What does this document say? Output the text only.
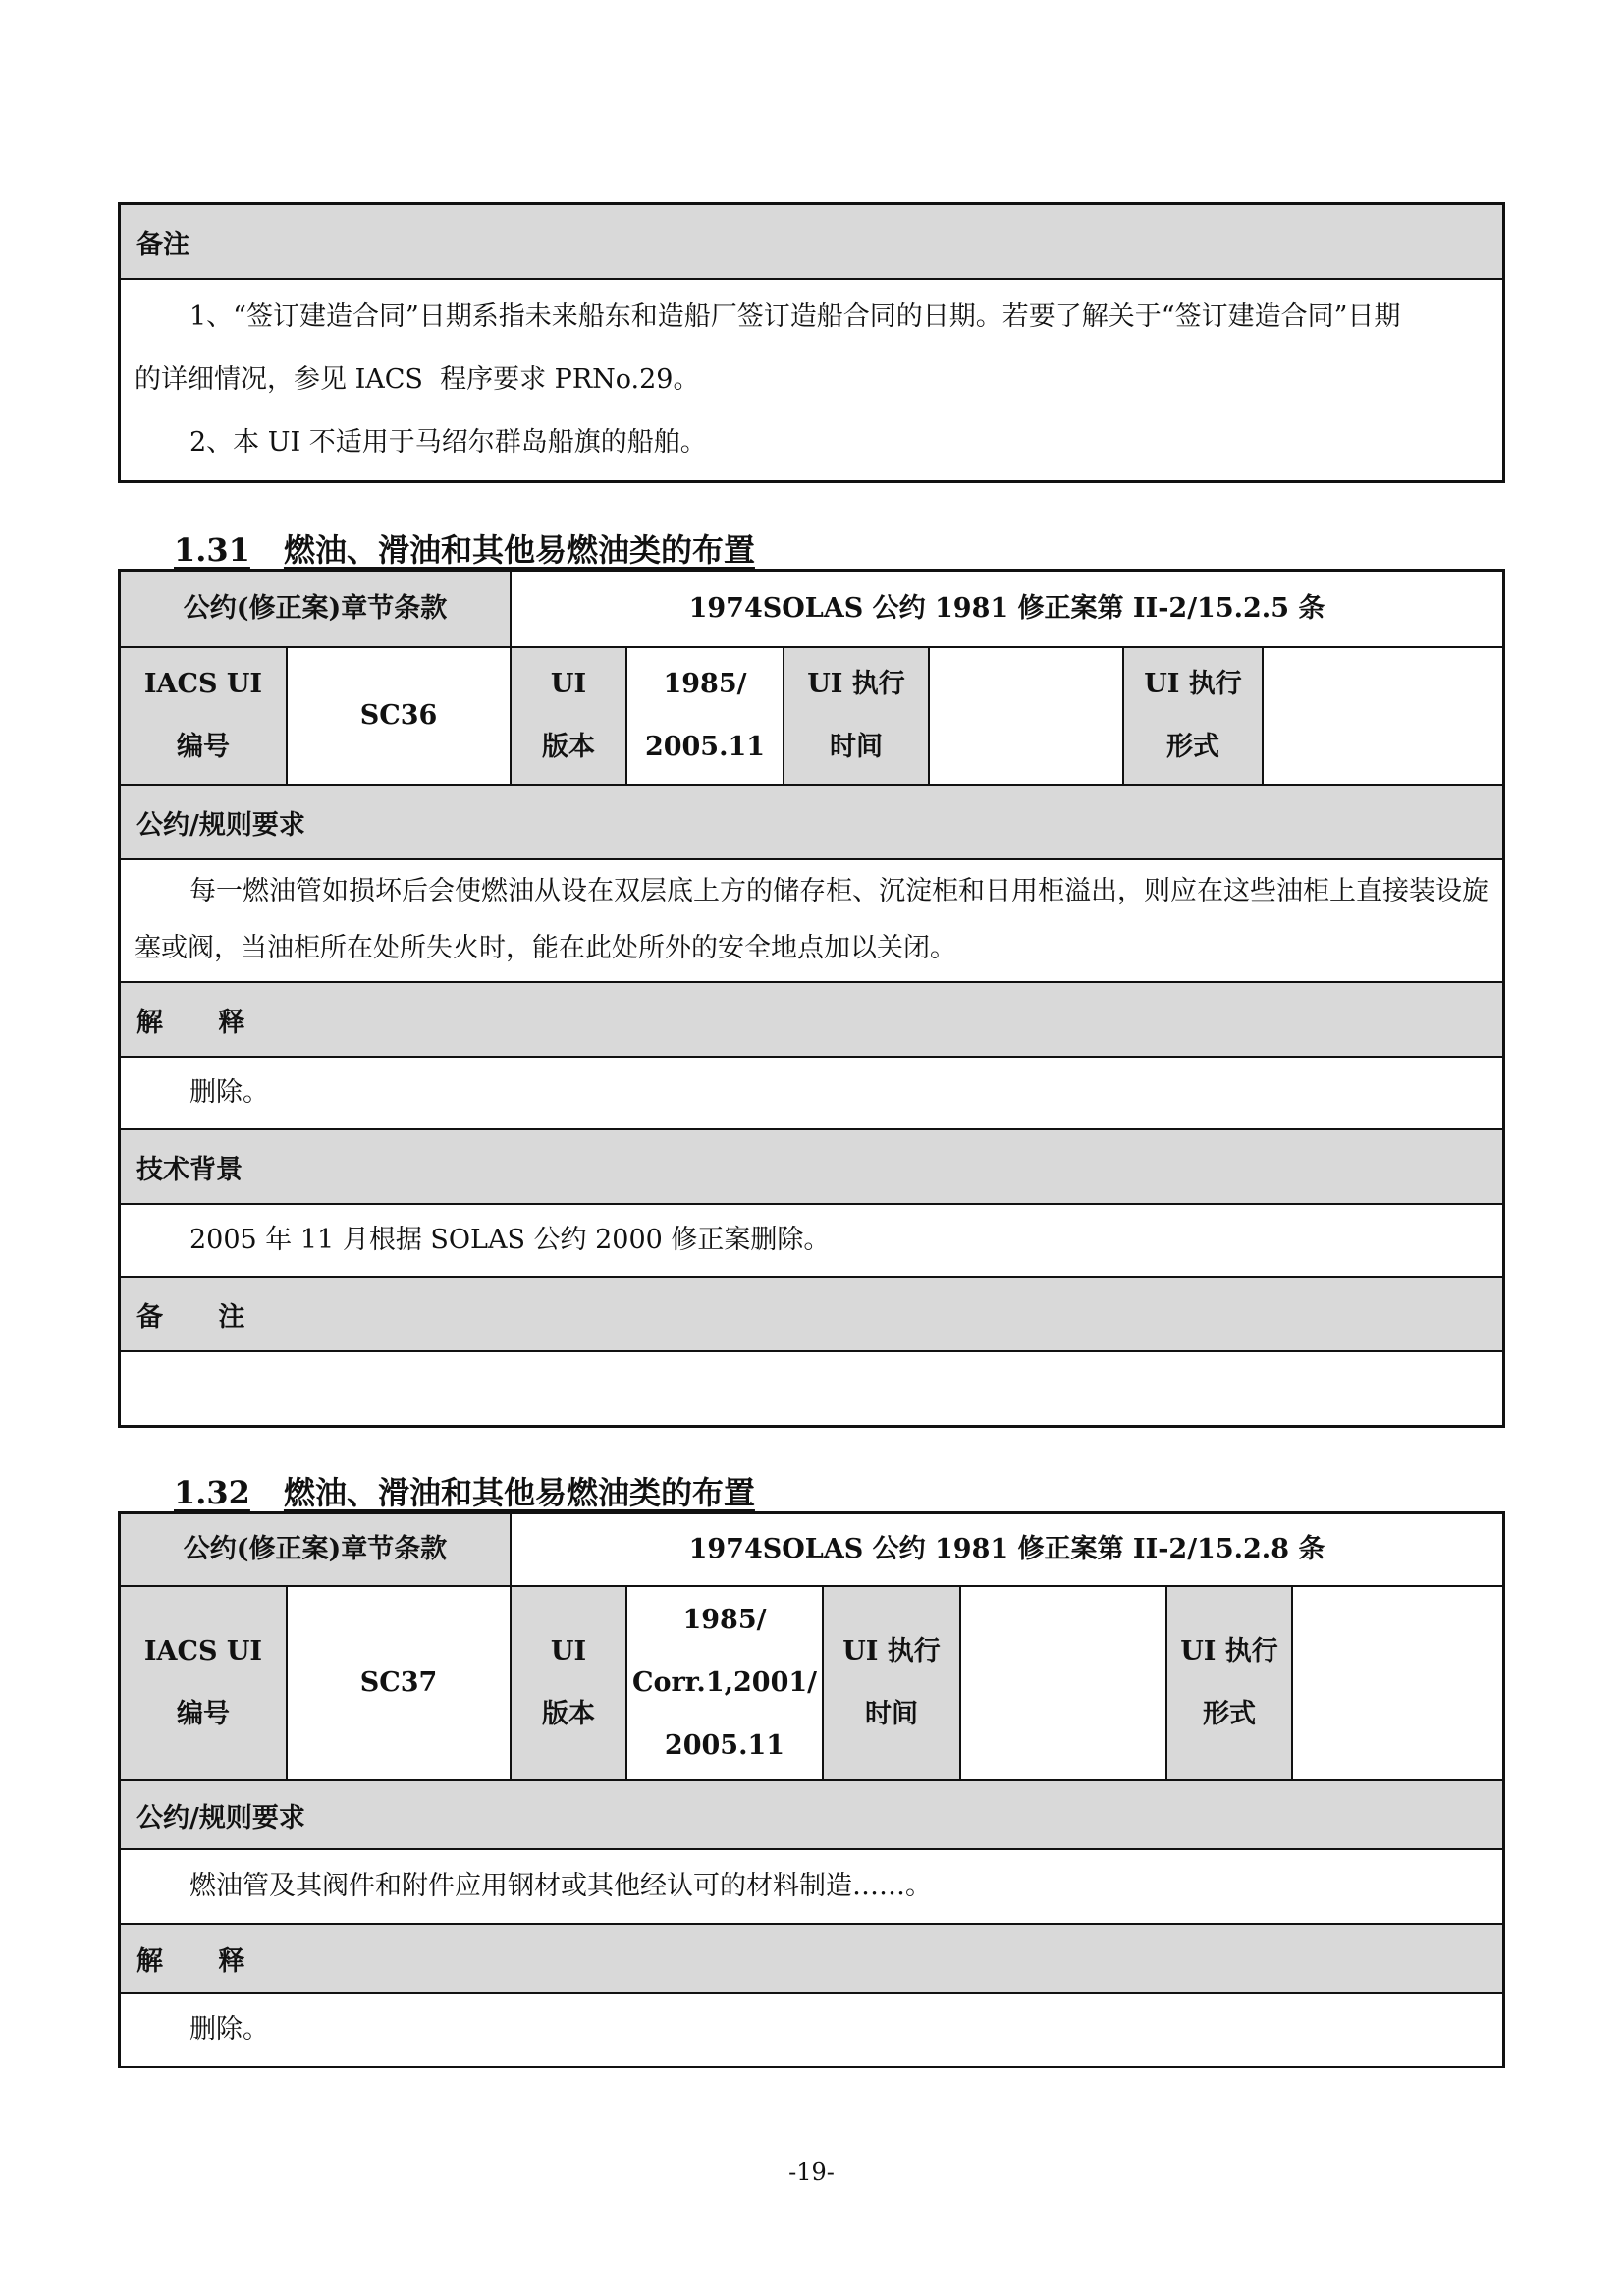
备注
1、“签订建造合同”日期系指未来船东和造船厂签订造船合同的日期。若要了解关于“签订建造合同”日期
的详细情况，参见 IACS  程序要求 PRNo.29。
2、本 UI 不适用于马绍尔群岛船旗的船舶。
1.31 燃油、滑油和其他易燃油类的布置
公约(修正案)章节条款	1974SOLAS 公约 1981 修正案第 II-2/15.2.5 条
IACS UI
编号
SC36
UI
版本
1985/
2005.11
UI 执行
时间
UI 执行
形式
公约/规则要求

每一燃油管如损坏后会使燃油从设在双层底上方的储存柜、沉淀柜和日用柜溢出，则应在这些油柜上直接装设旋塞或阀，当油柜所在处所失火时，能在此处所外的安全地点加以关闭。

解      释

删除。

技术背景

2005 年 11 月根据 SOLAS 公约 2000 修正案删除。

备      注

1.32 燃油、滑油和其他易燃油类的布置
公约(修正案)章节条款	1974SOLAS 公约 1981 修正案第 II-2/15.2.8 条
IACS UI
编号
SC37
UI
版本
1985/
Corr.1,2001/
2005.11
UI 执行
时间
UI 执行
形式
公约/规则要求

燃油管及其阀件和附件应用钢材或其他经认可的材料制造……。

解      释

删除。

-19-
